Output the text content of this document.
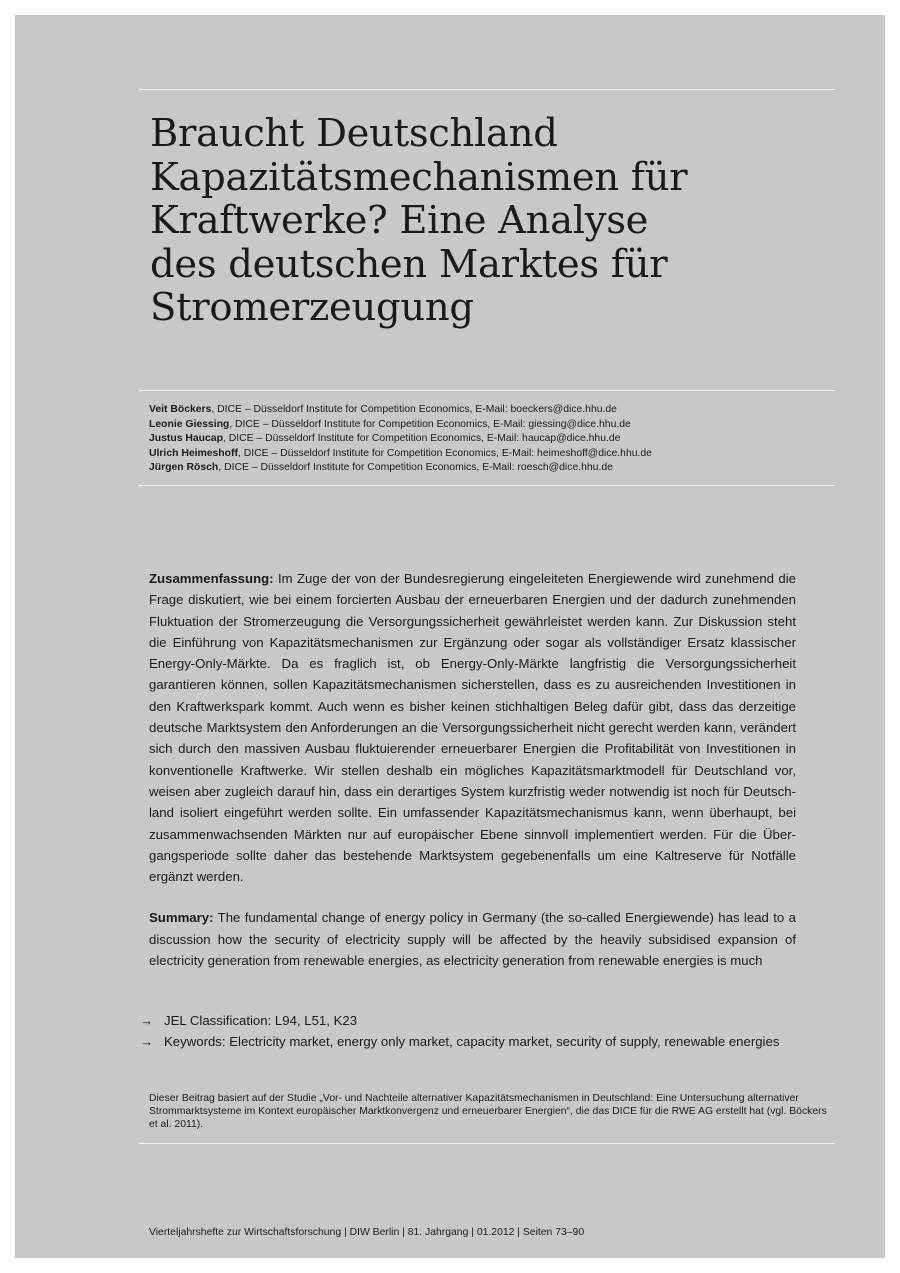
Braucht Deutschland Kapazitätsmechanismen für Kraftwerke? Eine Analyse des deutschen Marktes für Stromerzeugung
Veit Böckers, DICE – Düsseldorf Institute for Competition Economics, E-Mail: boeckers@dice.hhu.de
Leonie Giessing, DICE – Düsseldorf Institute for Competition Economics, E-Mail: giessing@dice.hhu.de
Justus Haucap, DICE – Düsseldorf Institute for Competition Economics, E-Mail: haucap@dice.hhu.de
Ulrich Heimeshoff, DICE – Düsseldorf Institute for Competition Economics, E-Mail: heimeshoff@dice.hhu.de
Jürgen Rösch, DICE – Düsseldorf Institute for Competition Economics, E-Mail: roesch@dice.hhu.de

Zusammenfassung: Im Zuge der von der Bundesregierung eingeleiteten Energiewende wird zunehmend die Frage diskutiert, wie bei einem forcierten Ausbau der erneuerbaren Energien und der dadurch zunehmenden Fluktuation der Stromerzeugung die Versorgungssicherheit gewährleistet werden kann. Zur Diskussion steht die Einführung von Kapazitätsmechanismen zur Ergänzung oder sogar als vollständiger Ersatz klassischer Energy-Only-Märkte. Da es fraglich ist, ob Energy-Only-Märkte langfristig die Versorgungssicherheit garantieren können, sollen Kapazitätsmechanismen sicherstellen, dass es zu ausreichenden Investitionen in den Kraftwerkspark kommt. Auch wenn es bisher keinen stichhaltigen Beleg dafür gibt, dass das derzeitige deutsche Marktsystem den Anforderungen an die Versorgungssicherheit nicht gerecht werden kann, verändert sich durch den massiven Ausbau fluktuierender erneuerbarer Energien die Profitabilität von Investitionen in konventionelle Kraftwerke. Wir stellen deshalb ein mögliches Kapazitätsmarktmodell für Deutschland vor, weisen aber zugleich darauf hin, dass ein derartiges System kurzfristig weder notwendig ist noch für Deutschland isoliert eingeführt werden sollte. Ein umfassender Kapazitätsmechanismus kann, wenn überhaupt, bei zusammenwachsenden Märkten nur auf europäischer Ebene sinnvoll implementiert werden. Für die Übergangsperiode sollte daher das bestehende Marktsystem gegebenenfalls um eine Kaltreserve für Notfälle ergänzt werden.

Summary: The fundamental change of energy policy in Germany (the so-called Energiewende) has lead to a discussion how the security of electricity supply will be affected by the heavily subsidised expansion of electricity generation from renewable energies, as electricity generation from renewable energies is much

→ JEL Classification: L94, L51, K23
→ Keywords: Electricity market, energy only market, capacity market, security of supply, renewable energies
Dieser Beitrag basiert auf der Studie „Vor- und Nachteile alternativer Kapazitätsmechanismen in Deutschland: Eine Untersuchung alternativer Strommarktsysteme im Kontext europäischer Marktkonvergenz und erneuerbarer Energien“, die das DICE für die RWE AG erstellt hat (vgl. Böckers et al. 2011).
Vierteljahrshefte zur Wirtschaftsforschung | DIW Berlin | 81. Jahrgang | 01.2012 | Seiten 73–90
